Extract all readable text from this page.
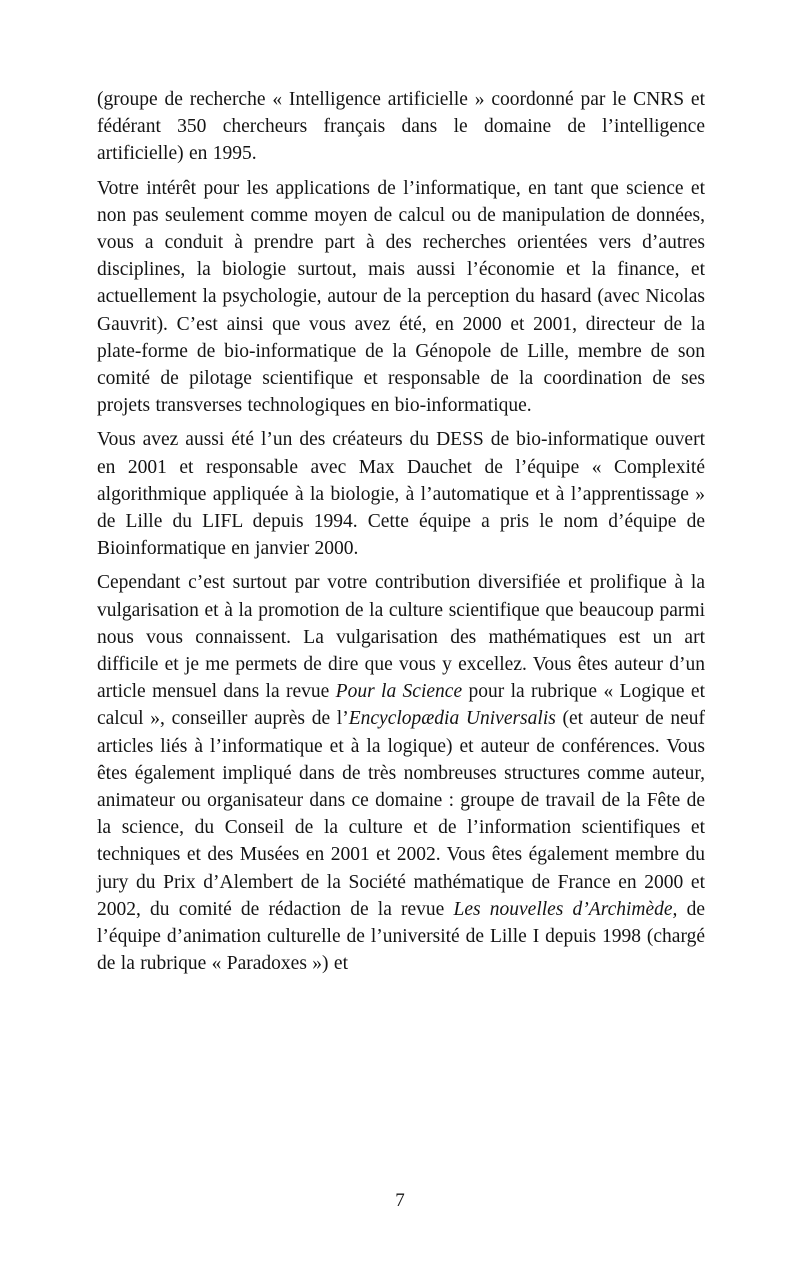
(groupe de recherche « Intelligence artificielle » coordonné par le CNRS et fédérant 350 chercheurs français dans le domaine de l’intelligence artificielle) en 1995.

Votre intérêt pour les applications de l’informatique, en tant que science et non pas seulement comme moyen de calcul ou de manipulation de données, vous a conduit à prendre part à des recherches orientées vers d’autres disciplines, la biologie surtout, mais aussi l’économie et la finance, et actuellement la psychologie, autour de la perception du hasard (avec Nicolas Gauvrit). C’est ainsi que vous avez été, en 2000 et 2001, directeur de la plate-forme de bio-informatique de la Génopole de Lille, membre de son comité de pilotage scientifique et responsable de la coordination de ses projets transverses technologiques en bio-informatique.

Vous avez aussi été l’un des créateurs du DESS de bio-informatique ouvert en 2001 et responsable avec Max Dauchet de l’équipe « Complexité algorithmique appliquée à la biologie, à l’automatique et à l’apprentissage » de Lille du LIFL depuis 1994. Cette équipe a pris le nom d’équipe de Bioinformatique en janvier 2000.

Cependant c’est surtout par votre contribution diversifiée et prolifique à la vulgarisation et à la promotion de la culture scientifique que beaucoup parmi nous vous connaissent. La vulgarisation des mathématiques est un art difficile et je me permets de dire que vous y excellez. Vous êtes auteur d’un article mensuel dans la revue Pour la Science pour la rubrique « Logique et calcul », conseiller auprès de l’Encyclopædia Universalis (et auteur de neuf articles liés à l’informatique et à la logique) et auteur de conférences. Vous êtes également impliqué dans de très nombreuses structures comme auteur, animateur ou organisateur dans ce domaine : groupe de travail de la Fête de la science, du Conseil de la culture et de l’information scientifiques et techniques et des Musées en 2001 et 2002. Vous êtes également membre du jury du Prix d’Alembert de la Société mathématique de France en 2000 et 2002, du comité de rédaction de la revue Les nouvelles d’Archimède, de l’équipe d’animation culturelle de l’université de Lille I depuis 1998 (chargé de la rubrique « Paradoxes ») et

7
